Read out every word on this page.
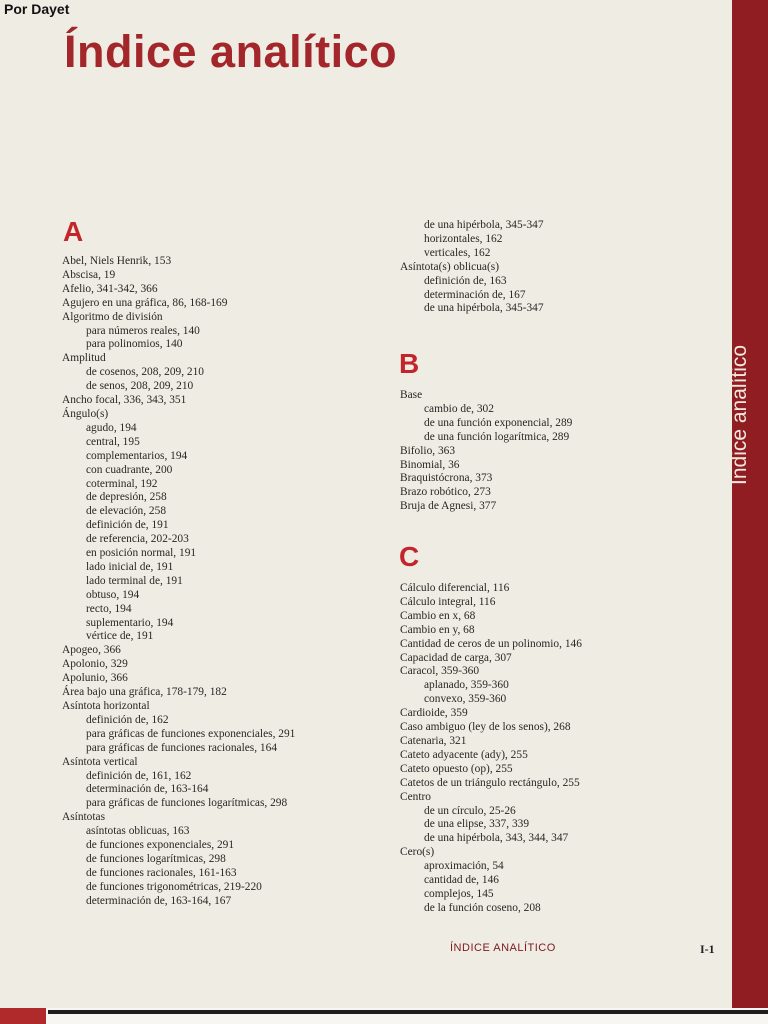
Por Dayet
Índice analítico
Índice analítico
A
Abel, Niels Henrik, 153
Abscisa, 19
Afelio, 341-342, 366
Agujero en una gráfica, 86, 168-169
Algoritmo de división
para números reales, 140
para polinomios, 140
Amplitud
de cosenos, 208, 209, 210
de senos, 208, 209, 210
Ancho focal, 336, 343, 351
Ángulo(s)
agudo, 194
central, 195
complementarios, 194
con cuadrante, 200
coterminal, 192
de depresión, 258
de elevación, 258
definición de, 191
de referencia, 202-203
en posición normal, 191
lado inicial de, 191
lado terminal de, 191
obtuso, 194
recto, 194
suplementario, 194
vértice de, 191
Apogeo, 366
Apolonio, 329
Apolunio, 366
Área bajo una gráfica, 178-179, 182
Asíntota horizontal
definición de, 162
para gráficas de funciones exponenciales, 291
para gráficas de funciones racionales, 164
Asíntota vertical
definición de, 161, 162
determinación de, 163-164
para gráficas de funciones logarítmicas, 298
Asíntotas
asíntotas oblicuas, 163
de funciones exponenciales, 291
de funciones logarítmicas, 298
de funciones racionales, 161-163
de funciones trigonométricas, 219-220
determinación de, 163-164, 167
de una hipérbola, 345-347
horizontales, 162
verticales, 162
Asíntota(s) oblicua(s)
definición de, 163
determinación de, 167
de una hipérbola, 345-347
B
Base
cambio de, 302
de una función exponencial, 289
de una función logarítmica, 289
Bifolio, 363
Binomial, 36
Braquistócrona, 373
Brazo robótico, 273
Bruja de Agnesi, 377
C
Cálculo diferencial, 116
Cálculo integral, 116
Cambio en x, 68
Cambio en y, 68
Cantidad de ceros de un polinomio, 146
Capacidad de carga, 307
Caracol, 359-360
aplanado, 359-360
convexo, 359-360
Cardioide, 359
Caso ambiguo (ley de los senos), 268
Catenaria, 321
Cateto adyacente (ady), 255
Cateto opuesto (op), 255
Catetos de un triángulo rectángulo, 255
Centro
de un círculo, 25-26
de una elipse, 337, 339
de una hipérbola, 343, 344, 347
Cero(s)
aproximación, 54
cantidad de, 146
complejos, 145
de la función coseno, 208
ÍNDICE ANALÍTICO	I-1
